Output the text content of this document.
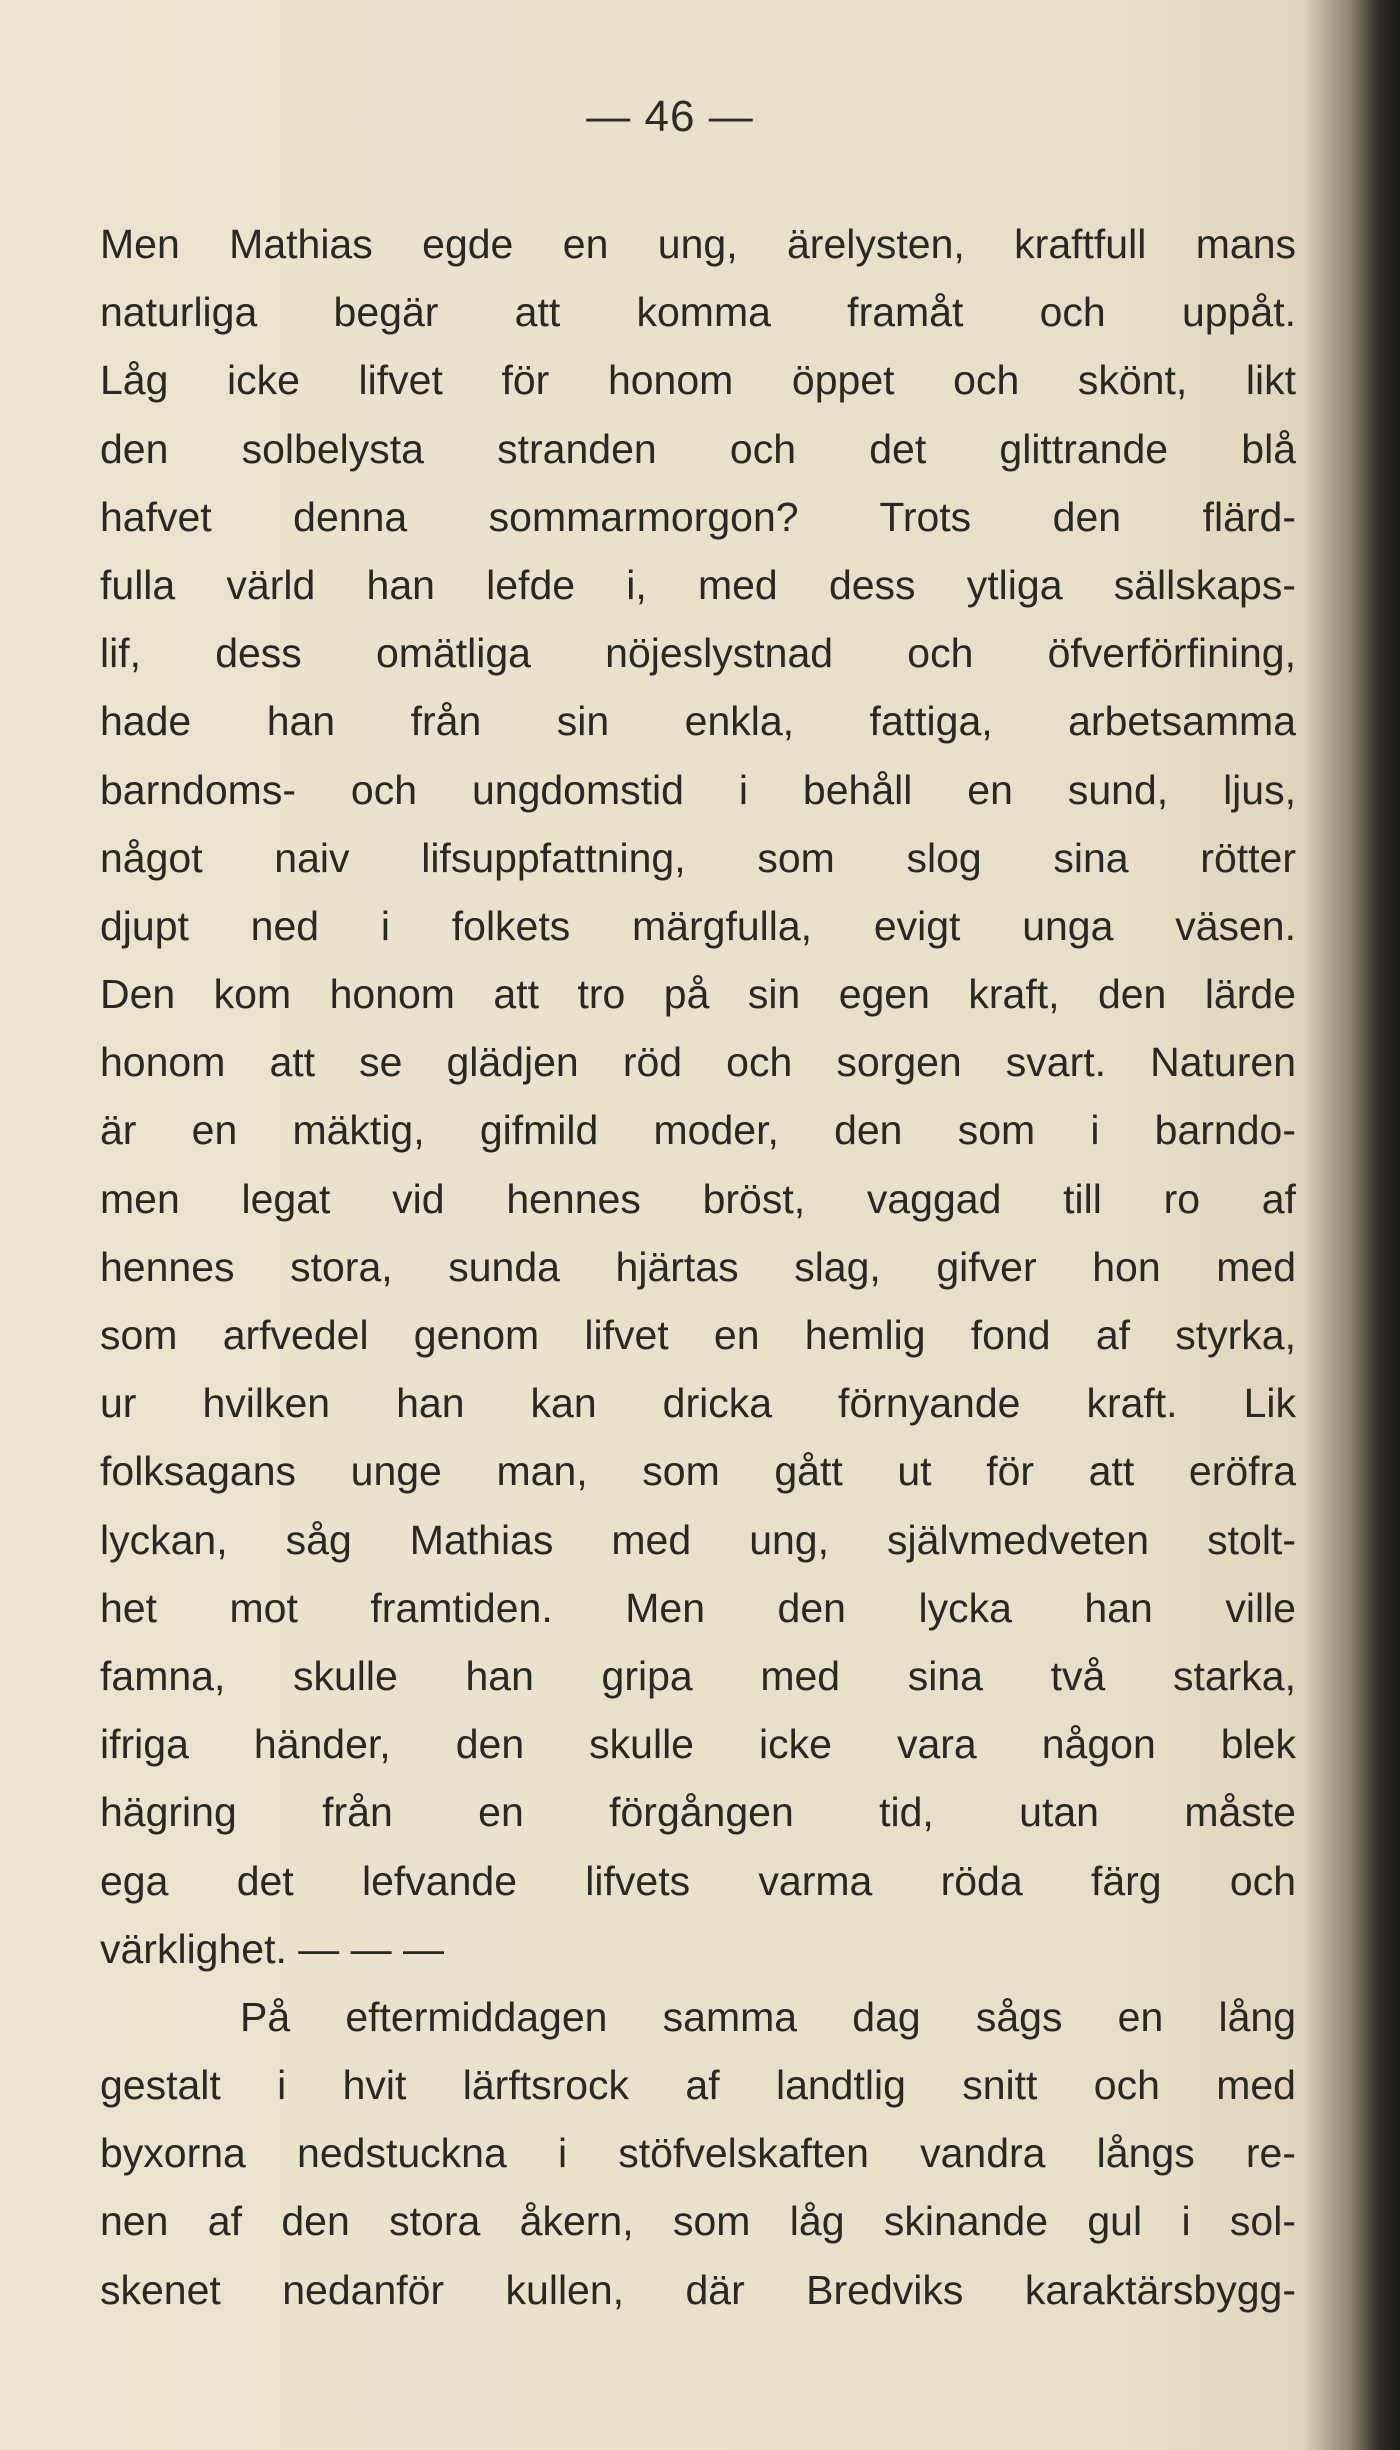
— 46 —
Men Mathias egde en ung, ärelysten, kraftfull mans
naturliga begär att komma framåt och uppåt.
Låg icke lifvet för honom öppet och skönt, likt
den solbelysta stranden och det glittrande blå
hafvet denna sommarmorgon? Trots den flärd-
fulla värld han lefde i, med dess ytliga sällskaps-
lif, dess omätliga nöjeslystnad och öfverförfining,
hade han från sin enkla, fattiga, arbetsamma
barndoms- och ungdomstid i behåll en sund, ljus,
något naiv lifsuppfattning, som slog sina rötter
djupt ned i folkets märgfulla, evigt unga väsen.
Den kom honom att tro på sin egen kraft, den lärde
honom att se glädjen röd och sorgen svart. Naturen
är en mäktig, gifmild moder, den som i barndo-
men legat vid hennes bröst, vaggad till ro af
hennes stora, sunda hjärtas slag, gifver hon med
som arfvedel genom lifvet en hemlig fond af styrka,
ur hvilken han kan dricka förnyande kraft. Lik
folksagans unge man, som gått ut för att eröfra
lyckan, såg Mathias med ung, självmedveten stolt-
het mot framtiden. Men den lycka han ville
famna, skulle han gripa med sina två starka,
ifriga händer, den skulle icke vara någon blek
hägring från en förgången tid, utan måste
ega det lefvande lifvets varma röda färg och
värklighet. — — —
På eftermiddagen samma dag sågs en lång
gestalt i hvit lärftsrock af landtlig snitt och med
byxorna nedstuckna i stöfvelskaften vandra långs re-
nen af den stora åkern, som låg skinande gul i sol-
skenet nedanför kullen, där Bredviks karaktärsbygg-
